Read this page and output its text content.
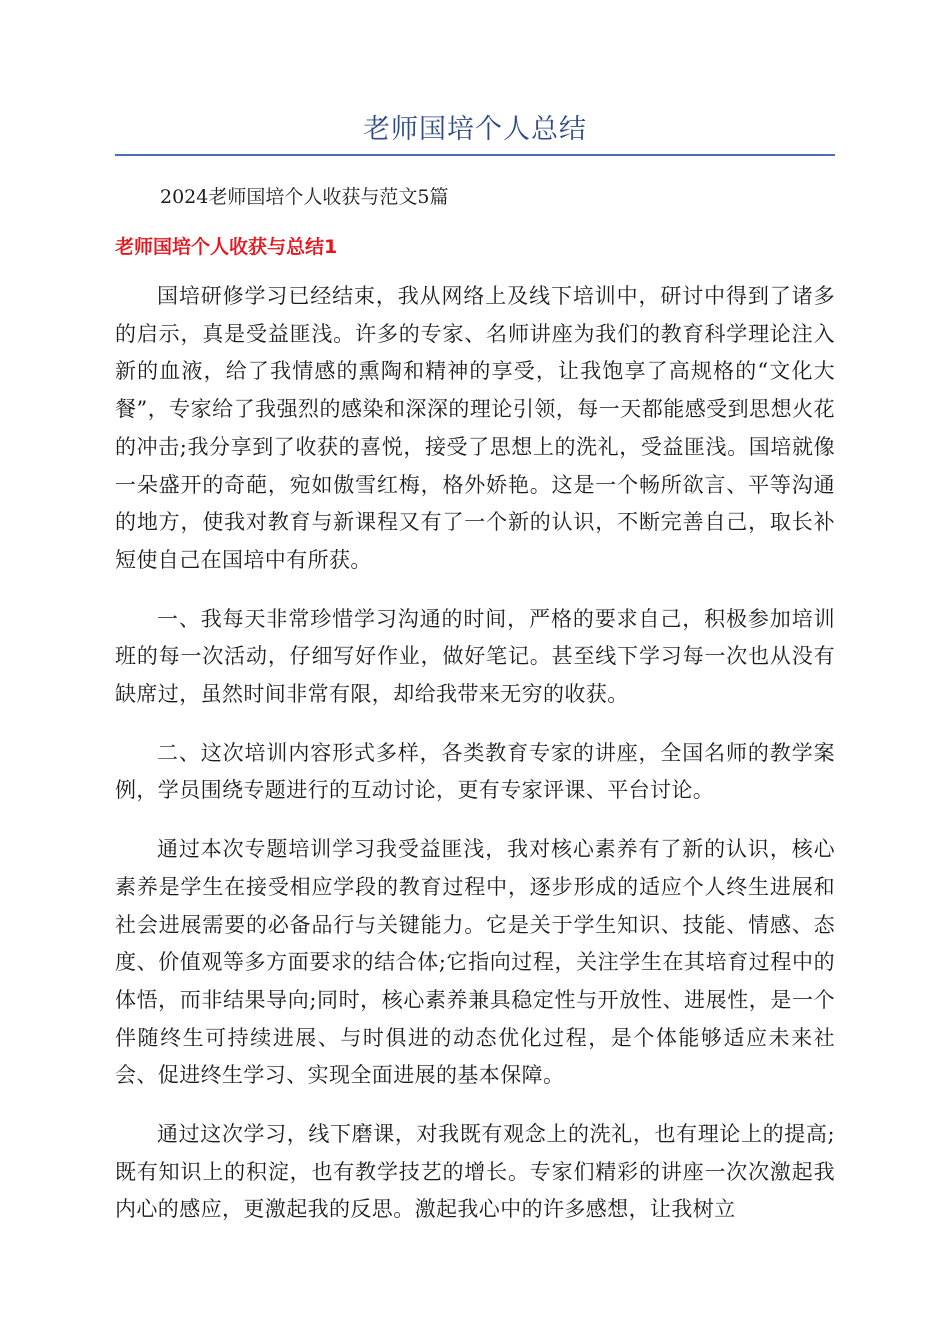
老师国培个人总结
2024老师国培个人收获与范文5篇
老师国培个人收获与总结1

国培研修学习已经结束，我从网络上及线下培训中，研讨中得到了诸多的启示，真是受益匪浅。许多的专家、名师讲座为我们的教育科学理论注入新的血液，给了我情感的熏陶和精神的享受，让我饱享了高规格的“文化大餐”，专家给了我强烈的感染和深深的理论引领，每一天都能感受到思想火花的冲击;我分享到了收获的喜悦，接受了思想上的洗礼，受益匪浅。国培就像一朵盛开的奇葩，宛如傲雪红梅，格外娇艳。这是一个畅所欲言、平等沟通的地方，使我对教育与新课程又有了一个新的认识，不断完善自己，取长补短使自己在国培中有所获。

一、我每天非常珍惜学习沟通的时间，严格的要求自己，积极参加培训班的每一次活动，仔细写好作业，做好笔记。甚至线下学习每一次也从没有缺席过，虽然时间非常有限，却给我带来无穷的收获。

二、这次培训内容形式多样，各类教育专家的讲座，全国名师的教学案例，学员围绕专题进行的互动讨论，更有专家评课、平台讨论。

通过本次专题培训学习我受益匪浅，我对核心素养有了新的认识，核心素养是学生在接受相应学段的教育过程中，逐步形成的适应个人终生进展和社会进展需要的必备品行与关键能力。它是关于学生知识、技能、情感、态度、价值观等多方面要求的结合体;它指向过程，关注学生在其培育过程中的体悟，而非结果导向;同时，核心素养兼具稳定性与开放性、进展性，是一个伴随终生可持续进展、与时俱进的动态优化过程，是个体能够适应未来社会、促进终生学习、实现全面进展的基本保障。

通过这次学习，线下磨课，对我既有观念上的洗礼，也有理论上的提高;既有知识上的积淀，也有教学技艺的增长。专家们精彩的讲座一次次激起我内心的感应，更激起我的反思。激起我心中的许多感想，让我树立
